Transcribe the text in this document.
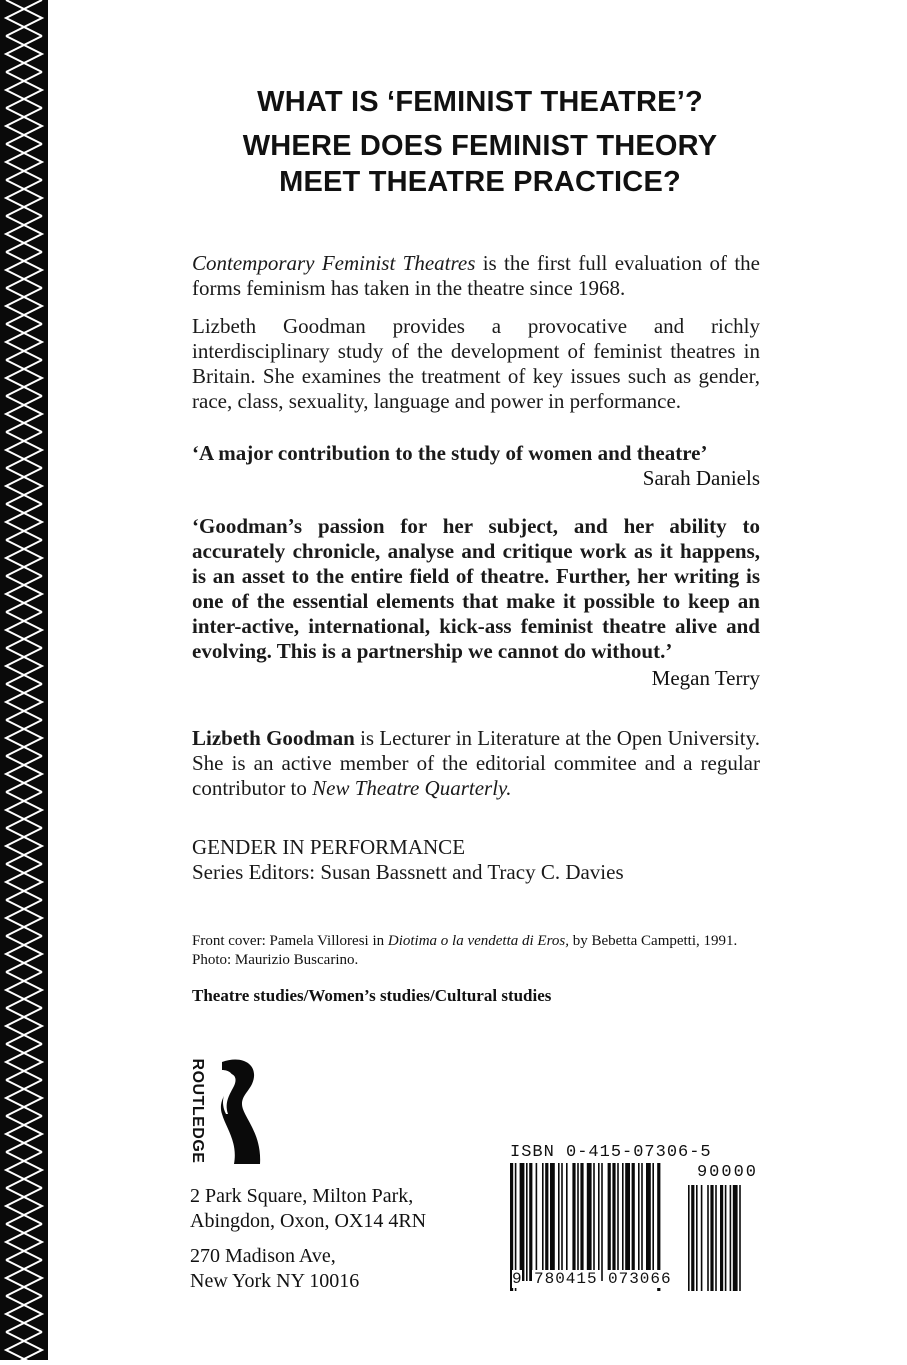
WHAT IS ‘FEMINIST THEATRE’?
WHERE DOES FEMINIST THEORY
MEET THEATRE PRACTICE?
Contemporary Feminist Theatres is the first full evaluation of the forms feminism has taken in the theatre since 1968.
Lizbeth Goodman provides a provocative and richly interdisciplinary study of the development of feminist theatres in Britain. She examines the treatment of key issues such as gender, race, class, sexuality, language and power in performance.
‘A major contribution to the study of women and theatre’
Sarah Daniels
‘Goodman’s passion for her subject, and her ability to accurately chronicle, analyse and critique work as it happens, is an asset to the entire field of theatre. Further, her writing is one of the essential elements that make it possible to keep an inter-active, international, kick-ass feminist theatre alive and evolving. This is a partnership we cannot do without.’
Megan Terry
Lizbeth Goodman is Lecturer in Literature at the Open University. She is an active member of the editorial commitee and a regular contributor to New Theatre Quarterly.
GENDER IN PERFORMANCE
Series Editors: Susan Bassnett and Tracy C. Davies
Front cover: Pamela Villoresi in Diotima o la vendetta di Eros, by Bebetta Campetti, 1991.
Photo: Maurizio Buscarino.
Theatre studies/Women’s studies/Cultural studies
ROUTLEDGE
2 Park Square, Milton Park,
Abingdon, Oxon, OX14 4RN
270 Madison Ave,
New York NY 10016
ISBN 0-415-07306-5
90000
9 780415 073066
